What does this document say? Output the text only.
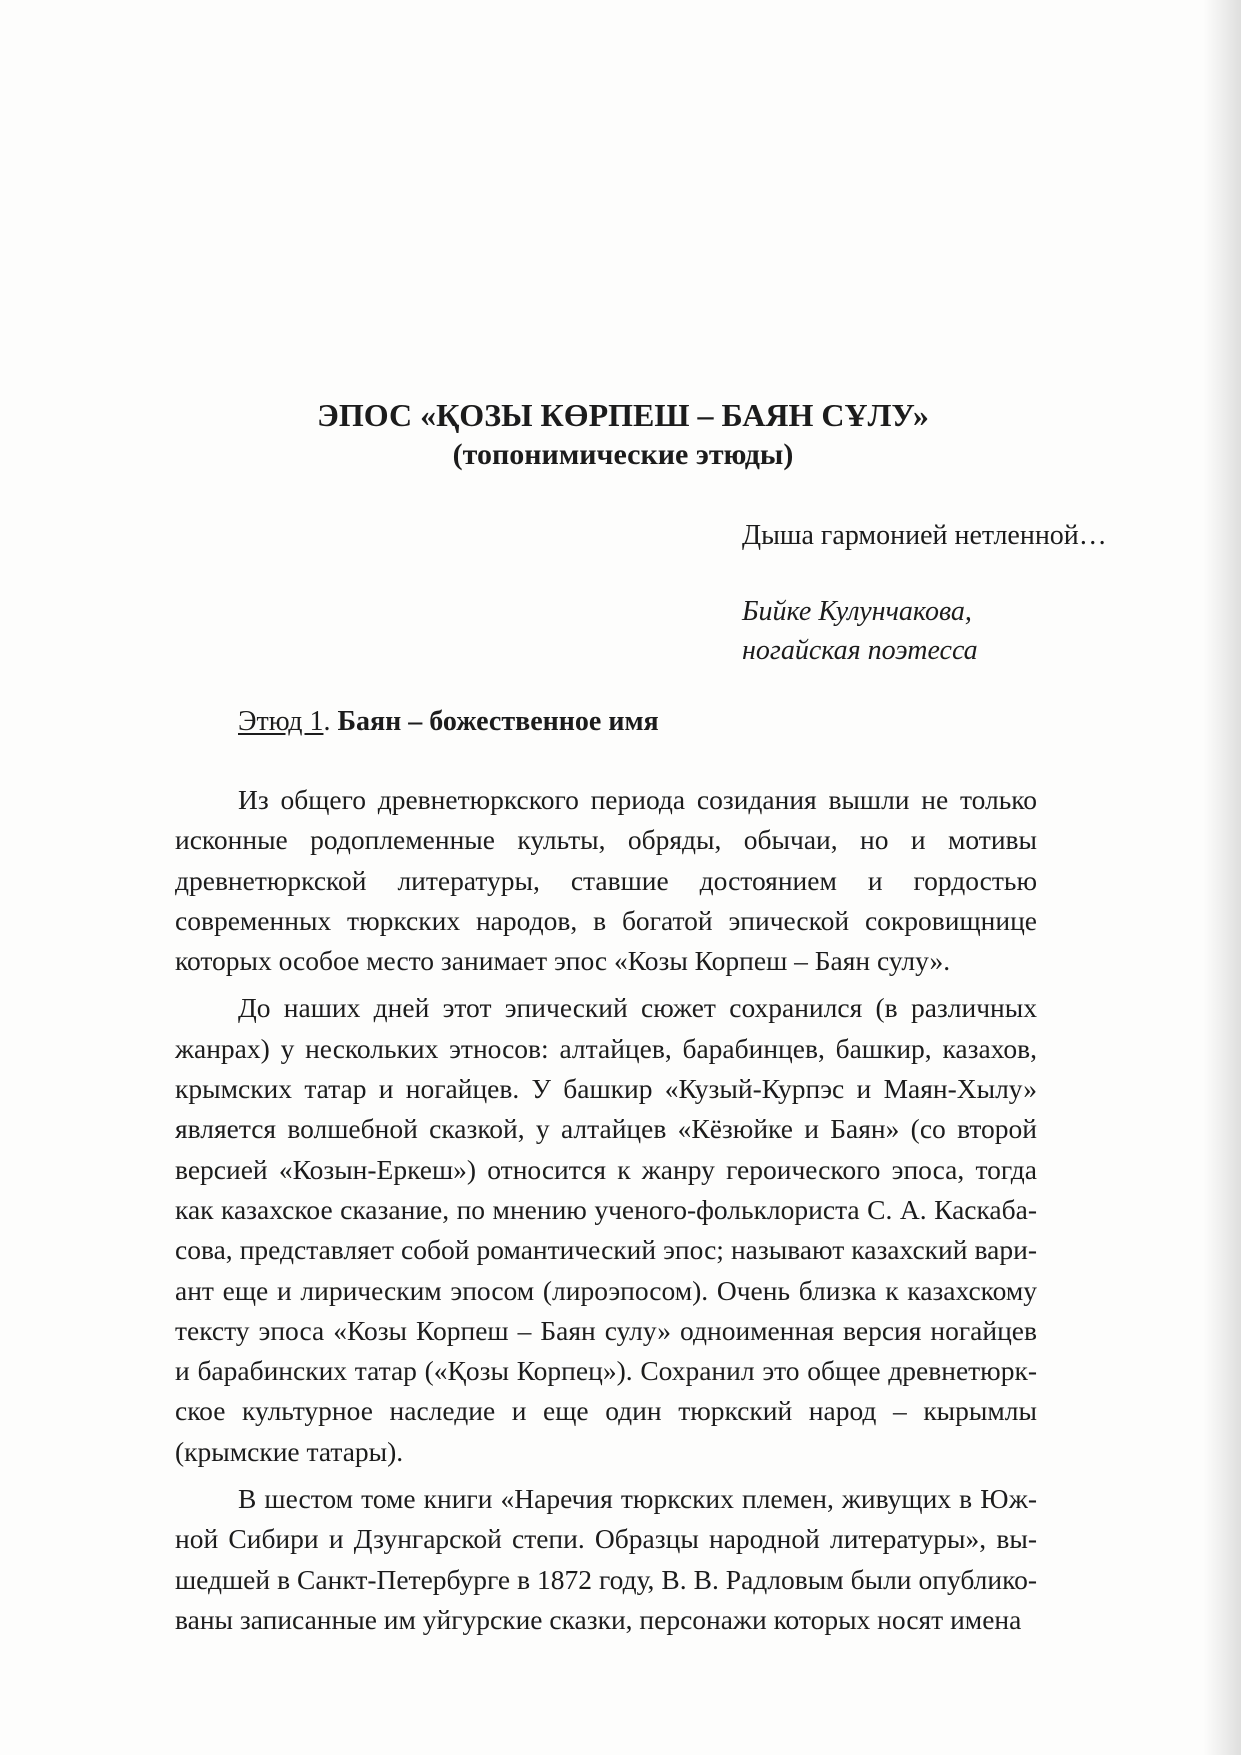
ЭПОС «ҚОЗЫ КӨРПЕШ – БАЯН СҰЛУ»

(топонимические этюды)

Дыша гармонией нетленной…
Бийке Кулунчакова,
ногайская поэтесса
Этюд 1. Баян – божественное имя

Из общего древнетюркского периода созидания вышли не только исконные родоплеменные культы, обряды, обычаи, но и мотивы древнетюркской литературы, ставшие достоянием и гордостью современных тюркских народов, в богатой эпической сокровищнице которых особое место занимает эпос «Козы Корпеш – Баян сулу».

До наших дней этот эпический сюжет сохранился (в различных жанрах) у нескольких этносов: алтайцев, барабинцев, башкир, казахов, крымских татар и ногайцев. У башкир «Кузый-Курпэс и Маян-Хылу» является волшебной сказкой, у алтайцев «Кёзюйке и Баян» (со второй версией «Козын-Еркеш») относится к жанру героического эпоса, тогда как казахское сказание, по мнению ученого-фольклориста С. А. Каскабасова, представляет собой романтический эпос; называют казахский вариант еще и лирическим эпосом (лироэпосом). Очень близка к казахскому тексту эпоса «Козы Корпеш – Баян сулу» одноименная версия ногайцев и барабинских татар («Қозы Корпец»). Сохранил это общее древнетюркское культурное наследие и еще один тюркский народ – кырымлы (крымские татары).

В шестом томе книги «Наречия тюркских племен, живущих в Южной Сибири и Дзунгарской степи. Образцы народной литературы», вышедшей в Санкт-Петербурге в 1872 году, В. В. Радловым были опубликованы записанные им уйгурские сказки, персонажи которых носят имена
